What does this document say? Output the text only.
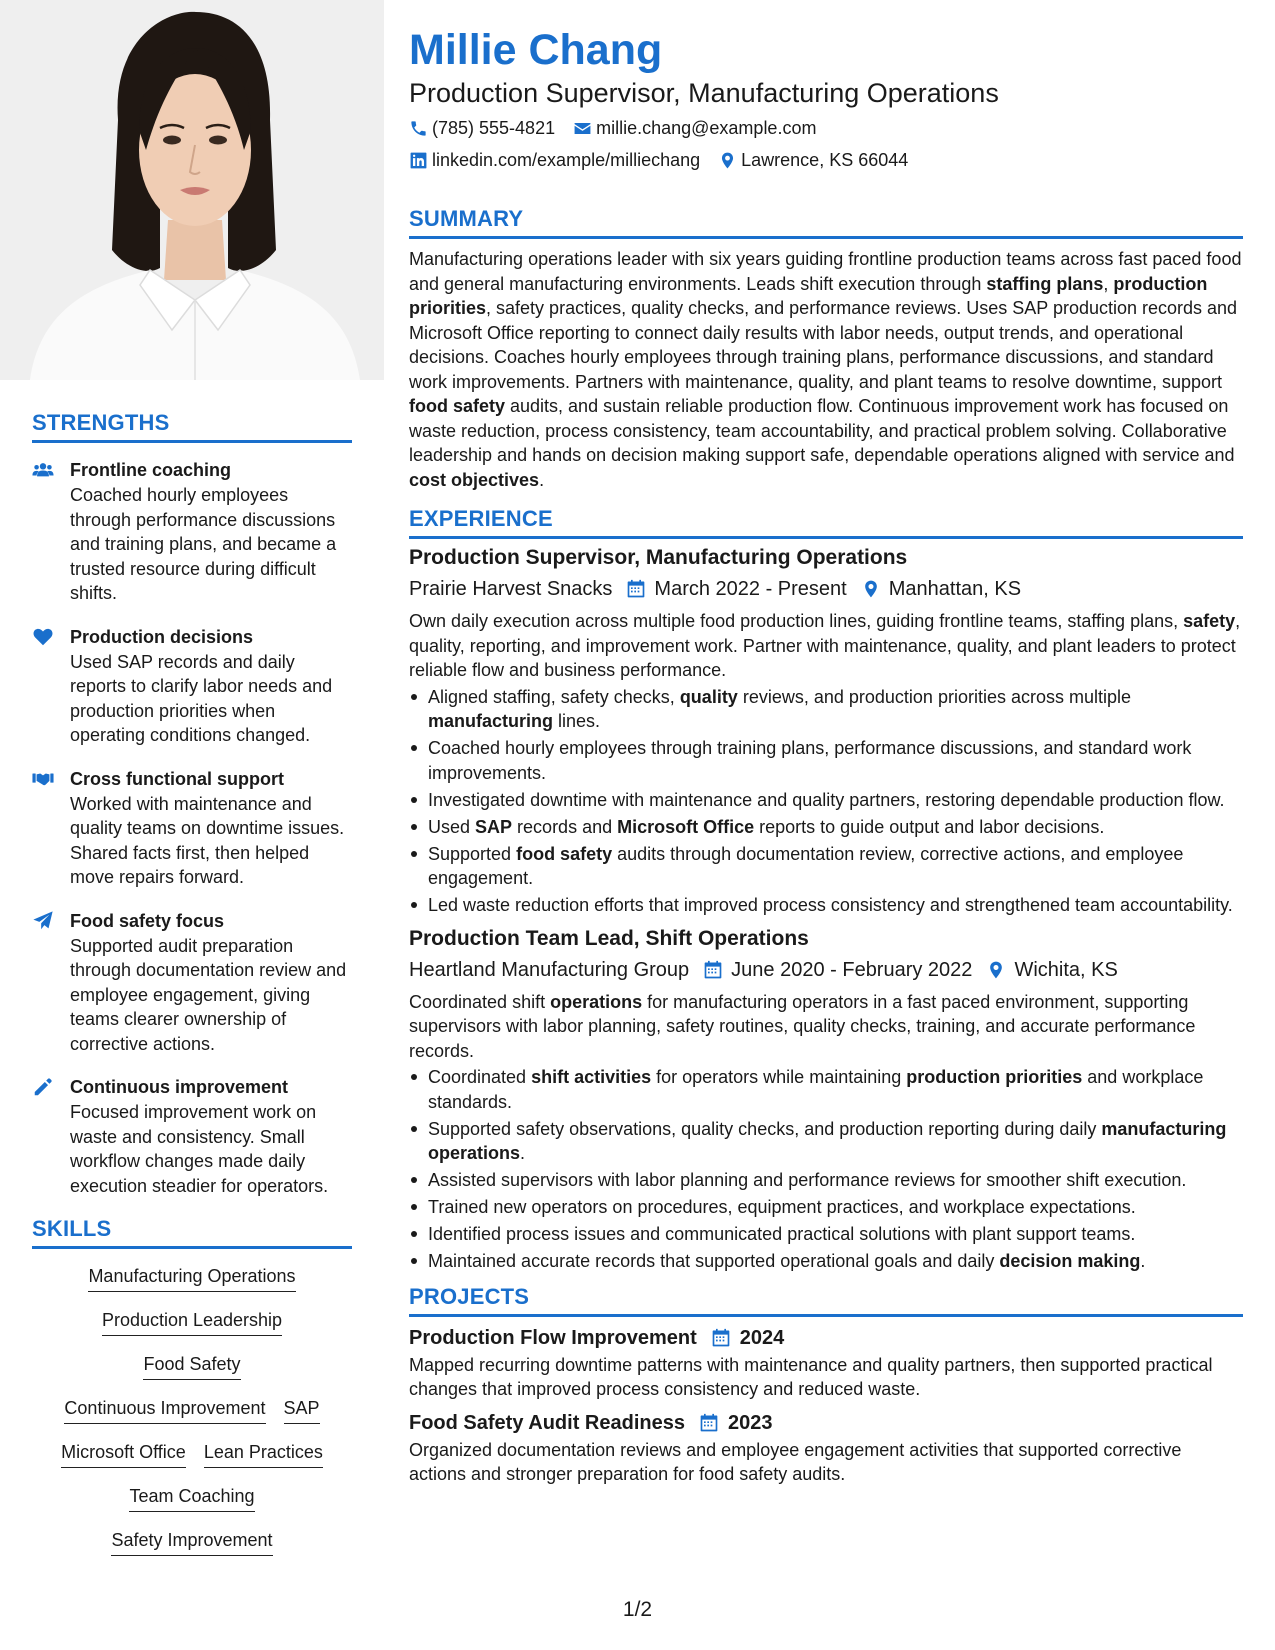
STRENGTHS
Frontline coaching
Coached hourly employees through performance discussions and training plans, and became a trusted resource during difficult shifts.
Production decisions
Used SAP records and daily reports to clarify labor needs and production priorities when operating conditions changed.
Cross functional support
Worked with maintenance and quality teams on downtime issues. Shared facts first, then helped move repairs forward.
Food safety focus
Supported audit preparation through documentation review and employee engagement, giving teams clearer ownership of corrective actions.
Continuous improvement
Focused improvement work on waste and consistency. Small workflow changes made daily execution steadier for operators.
SKILLS
Manufacturing Operations
Production Leadership
Food Safety
Continuous Improvement SAP
Microsoft Office Lean Practices
Team Coaching
Safety Improvement
Millie Chang
Production Supervisor, Manufacturing Operations
(785) 555-4821 millie.chang@example.com
linkedin.com/example/milliechang Lawrence, KS 66044
SUMMARY
Manufacturing operations leader with six years guiding frontline production teams across fast paced food and general manufacturing environments. Leads shift execution through staffing plans, production priorities, safety practices, quality checks, and performance reviews. Uses SAP production records and Microsoft Office reporting to connect daily results with labor needs, output trends, and operational decisions. Coaches hourly employees through training plans, performance discussions, and standard work improvements. Partners with maintenance, quality, and plant teams to resolve downtime, support food safety audits, and sustain reliable production flow. Continuous improvement work has focused on waste reduction, process consistency, team accountability, and practical problem solving. Collaborative leadership and hands on decision making support safe, dependable operations aligned with service and cost objectives.
EXPERIENCE
Production Supervisor, Manufacturing Operations
Prairie Harvest Snacks March 2022 - Present Manhattan, KS
Own daily execution across multiple food production lines, guiding frontline teams, staffing plans, safety, quality, reporting, and improvement work. Partner with maintenance, quality, and plant leaders to protect reliable flow and business performance.
Aligned staffing, safety checks, quality reviews, and production priorities across multiple manufacturing lines.
Coached hourly employees through training plans, performance discussions, and standard work improvements.
Investigated downtime with maintenance and quality partners, restoring dependable production flow.
Used SAP records and Microsoft Office reports to guide output and labor decisions.
Supported food safety audits through documentation review, corrective actions, and employee engagement.
Led waste reduction efforts that improved process consistency and strengthened team accountability.
Production Team Lead, Shift Operations
Heartland Manufacturing Group June 2020 - February 2022 Wichita, KS
Coordinated shift operations for manufacturing operators in a fast paced environment, supporting supervisors with labor planning, safety routines, quality checks, training, and accurate performance records.
Coordinated shift activities for operators while maintaining production priorities and workplace standards.
Supported safety observations, quality checks, and production reporting during daily manufacturing operations.
Assisted supervisors with labor planning and performance reviews for smoother shift execution.
Trained new operators on procedures, equipment practices, and workplace expectations.
Identified process issues and communicated practical solutions with plant support teams.
Maintained accurate records that supported operational goals and daily decision making.
PROJECTS
Production Flow Improvement 2024
Mapped recurring downtime patterns with maintenance and quality partners, then supported practical changes that improved process consistency and reduced waste.
Food Safety Audit Readiness 2023
Organized documentation reviews and employee engagement activities that supported corrective actions and stronger preparation for food safety audits.
1/2
